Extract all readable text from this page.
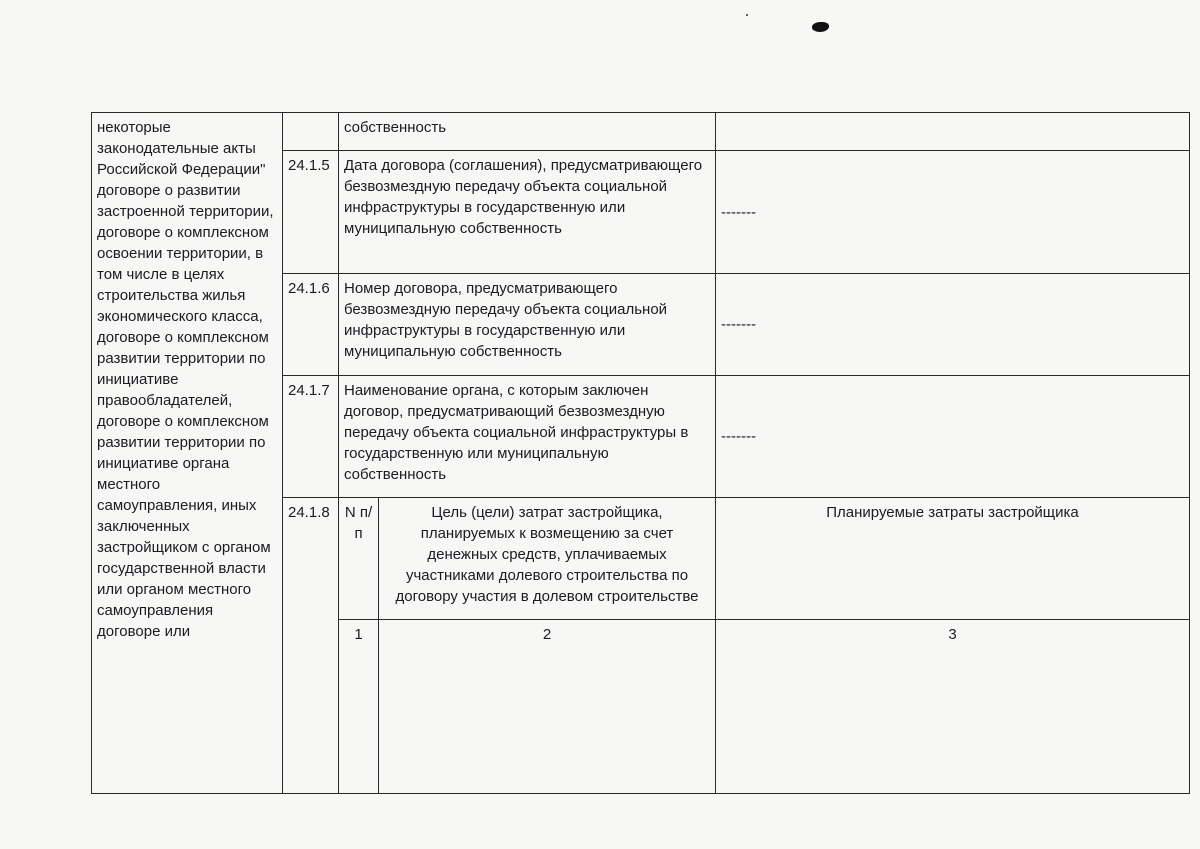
некоторые законодательные акты Российской Федерации" договоре о развитии застроенной территории, договоре о комплексном освоении территории, в том числе в целях строительства жилья экономического класса, договоре о комплексном развитии территории по инициативе правообладателей, договоре о комплексном развитии территории по инициативе органа местного самоуправления, иных заключенных застройщиком с органом государственной власти или органом местного самоуправления договоре или		собственность		
	24.1.5	Дата договора (соглашения), предусматривающего безвозмездную передачу объекта социальной инфраструктуры в государственную или муниципальную собственность		-------
	24.1.6	Номер договора, предусматривающего безвозмездную передачу объекта социальной инфраструктуры в государственную или муниципальную собственность		-------
	24.1.7	Наименование органа, с которым заключен договор, предусматривающий безвозмездную передачу объекта социальной инфраструктуры в государственную или муниципальную собственность		-------
	24.1.8	N п/п	Цель (цели) затрат застройщика, планируемых к возмещению за счет денежных средств, уплачиваемых участниками долевого строительства по договору участия в долевом строительстве	Планируемые затраты застройщика
		1	2	3
